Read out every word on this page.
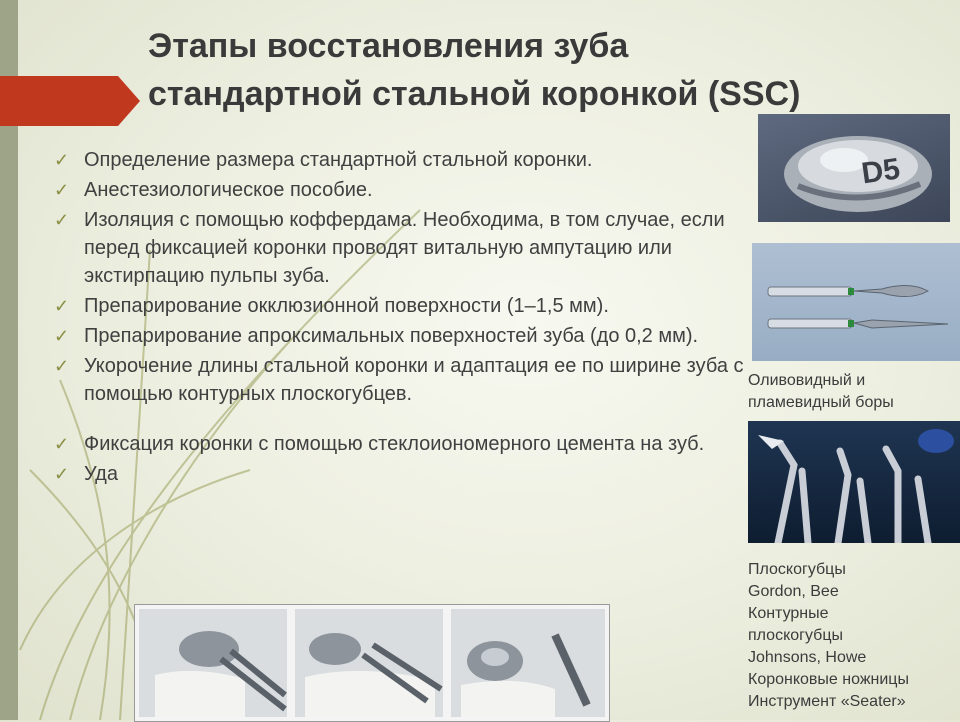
Этапы восстановления зуба
стандартной стальной коронкой (SSC)
✓ Определение размера стандартной стальной коронки.
✓ Анестезиологическое пособие.
✓ Изоляция с помощью коффердама. Необходима, в том случае, если перед фиксацией коронки проводят витальную ампутацию или экстирпацию пульпы зуба.
✓ Препарирование окклюзионной поверхности (1–1,5 мм).
✓ Препарирование апроксимальных поверхностей зуба (до 0,2 мм).
✓ Укорочение длины стальной коронки и адаптация ее по ширине зуба с помощью контурных плоскогубцев.
✓ Фиксация коронки с помощью стеклоиономерного цемента на зуб.
✓ Уда
D5

Оливовидный и пламевидный боры

Плоскогубцы
Gordon, Bee
Контурные
плоскогубцы
Johnsons, Howe
Коронковые ножницы
Инструмент «Seater»
